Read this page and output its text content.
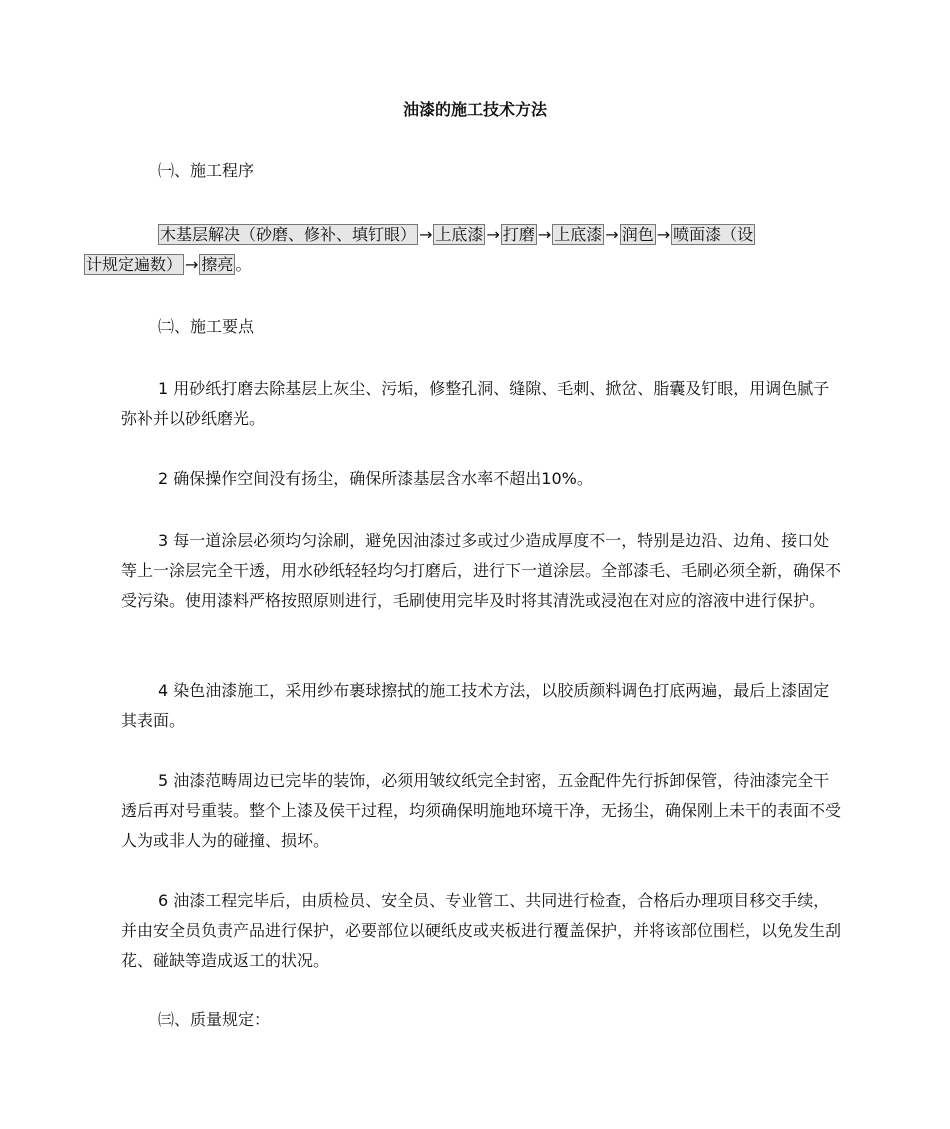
油漆的施工技术方法
㈠、施工程序
木基层解决（砂磨、修补、填钉眼） → 上底漆 → 打磨 → 上底漆 → 润色 → 喷面漆（设
计规定遍数） → 擦亮 。
㈡、施工要点
1 用砂纸打磨去除基层上灰尘、污垢，修整孔洞、缝隙、毛刺、掀岔、脂囊及钉眼，用调色腻子弥补并以砂纸磨光。
2 确保操作空间没有扬尘，确保所漆基层含水率不超出10%。
3 每一道涂层必须均匀涂刷，避免因油漆过多或过少造成厚度不一，特别是边沿、边角、接口处等上一涂层完全干透，用水砂纸轻轻均匀打磨后，进行下一道涂层。全部漆毛、毛刷必须全新，确保不受污染。使用漆料严格按照原则进行，毛刷使用完毕及时将其清洗或浸泡在对应的溶液中进行保护。
4 染色油漆施工，采用纱布裹球擦拭的施工技术方法，以胶质颜料调色打底两遍，最后上漆固定其表面。
5 油漆范畴周边已完毕的装饰，必须用皱纹纸完全封密，五金配件先行拆卸保管，待油漆完全干透后再对号重装。整个上漆及侯干过程，均须确保明施地环境干净，无扬尘，确保刚上未干的表面不受人为或非人为的碰撞、损坏。
6 油漆工程完毕后，由质检员、安全员、专业管工、共同进行检查，合格后办理项目移交手续，并由安全员负责产品进行保护，必要部位以硬纸皮或夹板进行覆盖保护，并将该部位围栏，以免发生刮花、碰缺等造成返工的状况。
㈢、质量规定：
